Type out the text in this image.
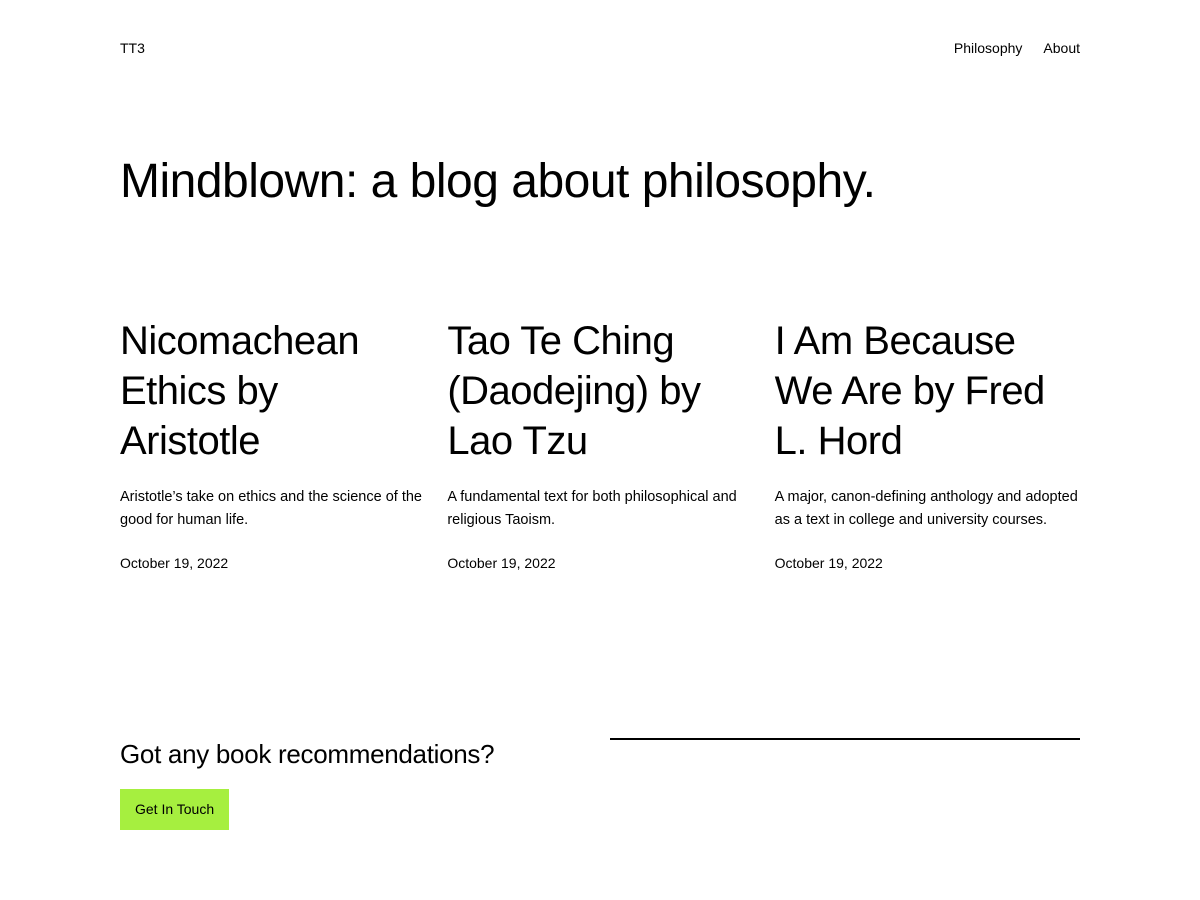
TT3	Philosophy About
Mindblown: a blog about philosophy.
Nicomachean Ethics by Aristotle

Aristotle’s take on ethics and the science of the good for human life.

October 19, 2022
Tao Te Ching (Daodejing) by Lao Tzu

A fundamental text for both philosophical and religious Taoism.

October 19, 2022
I Am Because We Are by Fred L. Hord

A major, canon-defining anthology and adopted as a text in college and university courses.

October 19, 2022
Got any book recommendations?
Get In Touch
